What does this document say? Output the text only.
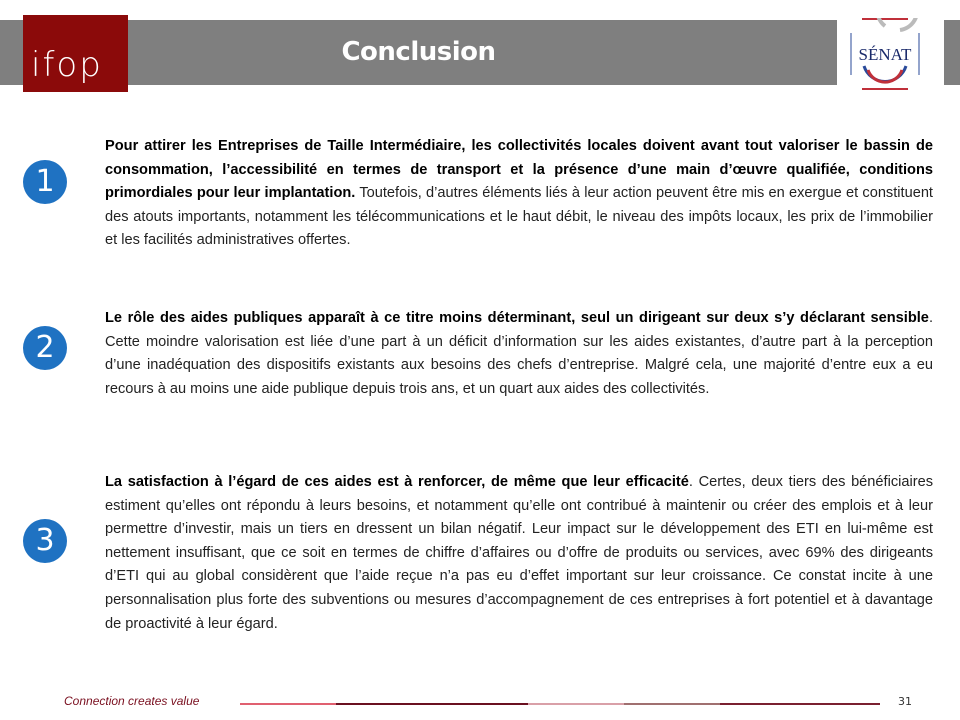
Conclusion
ifop	SÉNAT
1
Pour attirer les Entreprises de Taille Intermédiaire, les collectivités locales doivent avant tout valoriser le bassin de consommation, l’accessibilité en termes de transport et la présence d’une main d’œuvre qualifiée, conditions primordiales pour leur implantation. Toutefois, d’autres éléments liés à leur action peuvent être mis en exergue et constituent des atouts importants, notamment les télécommunications et le haut débit, le niveau des impôts locaux, les prix de l’immobilier et les facilités administratives offertes.
2
Le rôle des aides publiques apparaît à ce titre moins déterminant, seul un dirigeant sur deux s’y déclarant sensible. Cette moindre valorisation est liée d’une part à un déficit d’information sur les aides existantes, d’autre part à la perception d’une inadéquation des dispositifs existants aux besoins des chefs d’entreprise. Malgré cela, une majorité d’entre eux a eu recours à au moins une aide publique depuis trois ans, et un quart aux aides des collectivités.
3
La satisfaction à l’égard de ces aides est à renforcer, de même que leur efficacité. Certes, deux tiers des bénéficiaires estiment qu’elles ont répondu à leurs besoins, et notamment qu’elle ont contribué à maintenir ou créer des emplois et à leur permettre d’investir, mais un tiers en dressent un bilan négatif. Leur impact sur le développement des ETI en lui-même est nettement insuffisant, que ce soit en termes de chiffre d’affaires ou d’offre de produits ou services, avec 69% des dirigeants d’ETI qui au global considèrent que l’aide reçue n’a pas eu d’effet important sur leur croissance. Ce constat incite à une personnalisation plus forte des subventions ou mesures d’accompagnement de ces entreprises à fort potentiel et à davantage de proactivité à leur égard.
Connection creates value	31
